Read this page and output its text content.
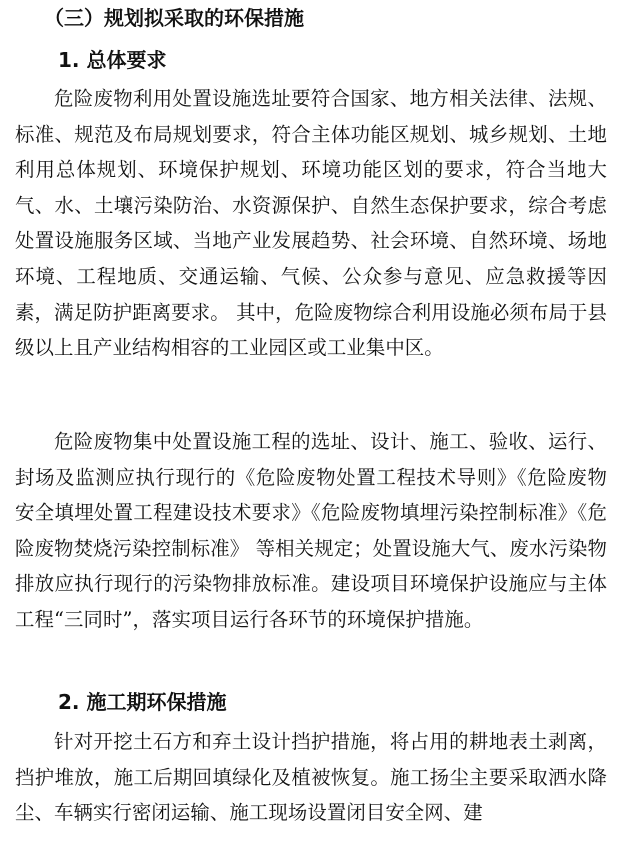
（三）规划拟采取的环保措施
1. 总体要求

危险废物利用处置设施选址要符合国家、地方相关法律、法规、标准、规范及布局规划要求，符合主体功能区规划、城乡规划、土地利用总体规划、环境保护规划、环境功能区划的要求，符合当地大气、水、土壤污染防治、水资源保护、自然生态保护要求，综合考虑处置设施服务区域、当地产业发展趋势、社会环境、自然环境、场地环境、工程地质、交通运输、气候、公众参与意见、应急救援等因素，满足防护距离要求。 其中，危险废物综合利用设施必须布局于县级以上且产业结构相容的工业园区或工业集中区。

危险废物集中处置设施工程的选址、设计、施工、验收、运行、封场及监测应执行现行的《危险废物处置工程技术导则》《危险废物安全填埋处置工程建设技术要求》《危险废物填埋污染控制标准》《危险废物焚烧污染控制标准》 等相关规定；处置设施大气、废水污染物排放应执行现行的污染物排放标准。建设项目环境保护设施应与主体工程“三同时”，落实项目运行各环节的环境保护措施。

2. 施工期环保措施

针对开挖土石方和弃土设计挡护措施，将占用的耕地表土剥离，挡护堆放，施工后期回填绿化及植被恢复。施工扬尘主要采取洒水降尘、车辆实行密闭运输、施工现场设置闭目安全网、建
